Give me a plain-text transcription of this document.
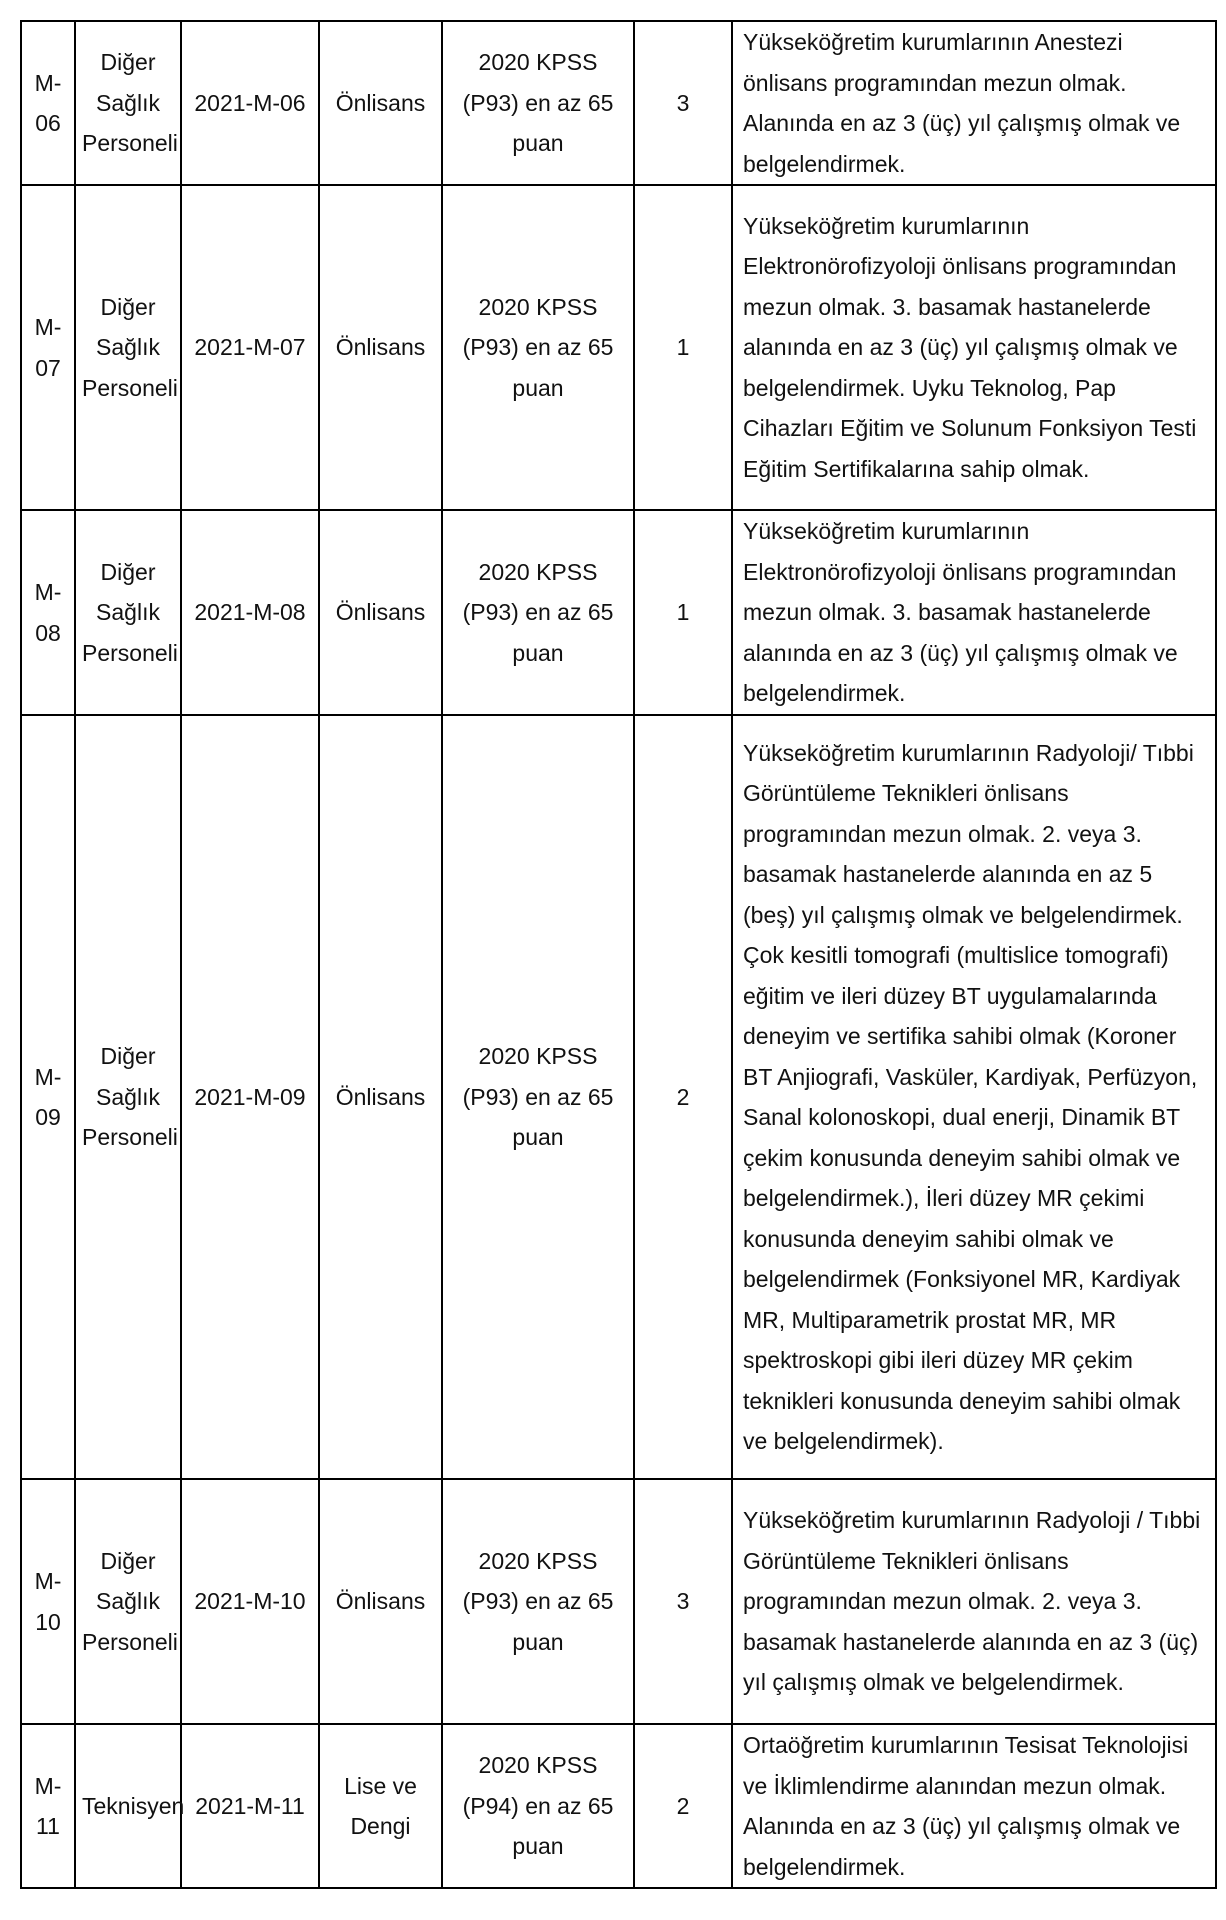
M-06	Diğer Sağlık Personeli	2021-M-06	Önlisans	2020 KPSS (P93) en az 65 puan	3	Yükseköğretim kurumlarının Anestezi önlisans programından mezun olmak. Alanında en az 3 (üç) yıl çalışmış olmak ve belgelendirmek.
M-07	Diğer Sağlık Personeli	2021-M-07	Önlisans	2020 KPSS (P93) en az 65 puan	1	Yükseköğretim kurumlarının Elektronörofizyoloji önlisans programından mezun olmak. 3. basamak hastanelerde alanında en az 3 (üç) yıl çalışmış olmak ve belgelendirmek. Uyku Teknolog, Pap Cihazları Eğitim ve Solunum Fonksiyon Testi Eğitim Sertifikalarına sahip olmak.
M-08	Diğer Sağlık Personeli	2021-M-08	Önlisans	2020 KPSS (P93) en az 65 puan	1	Yükseköğretim kurumlarının Elektronörofizyoloji önlisans programından mezun olmak. 3. basamak hastanelerde alanında en az 3 (üç) yıl çalışmış olmak ve belgelendirmek.
M-09	Diğer Sağlık Personeli	2021-M-09	Önlisans	2020 KPSS (P93) en az 65 puan	2	Yükseköğretim kurumlarının Radyoloji/ Tıbbi Görüntüleme Teknikleri önlisans programından mezun olmak. 2. veya 3. basamak hastanelerde alanında en az 5 (beş) yıl çalışmış olmak ve belgelendirmek. Çok kesitli tomografi (multislice tomografi) eğitim ve ileri düzey BT uygulamalarında deneyim ve sertifika sahibi olmak (Koroner BT Anjiografi, Vasküler, Kardiyak, Perfüzyon, Sanal kolonoskopi, dual enerji, Dinamik BT çekim konusunda deneyim sahibi olmak ve belgelendirmek.), İleri düzey MR çekimi konusunda deneyim sahibi olmak ve belgelendirmek (Fonksiyonel MR, Kardiyak MR, Multiparametrik prostat MR, MR spektroskopi gibi ileri düzey MR çekim teknikleri konusunda deneyim sahibi olmak ve belgelendirmek).
M-10	Diğer Sağlık Personeli	2021-M-10	Önlisans	2020 KPSS (P93) en az 65 puan	3	Yükseköğretim kurumlarının Radyoloji / Tıbbi Görüntüleme Teknikleri önlisans programından mezun olmak. 2. veya 3. basamak hastanelerde alanında en az 3 (üç) yıl çalışmış olmak ve belgelendirmek.
M-11	Teknisyen	2021-M-11	Lise ve Dengi	2020 KPSS (P94) en az 65 puan	2	Ortaöğretim kurumlarının Tesisat Teknolojisi ve İklimlendirme alanından mezun olmak. Alanında en az 3 (üç) yıl çalışmış olmak ve belgelendirmek.
